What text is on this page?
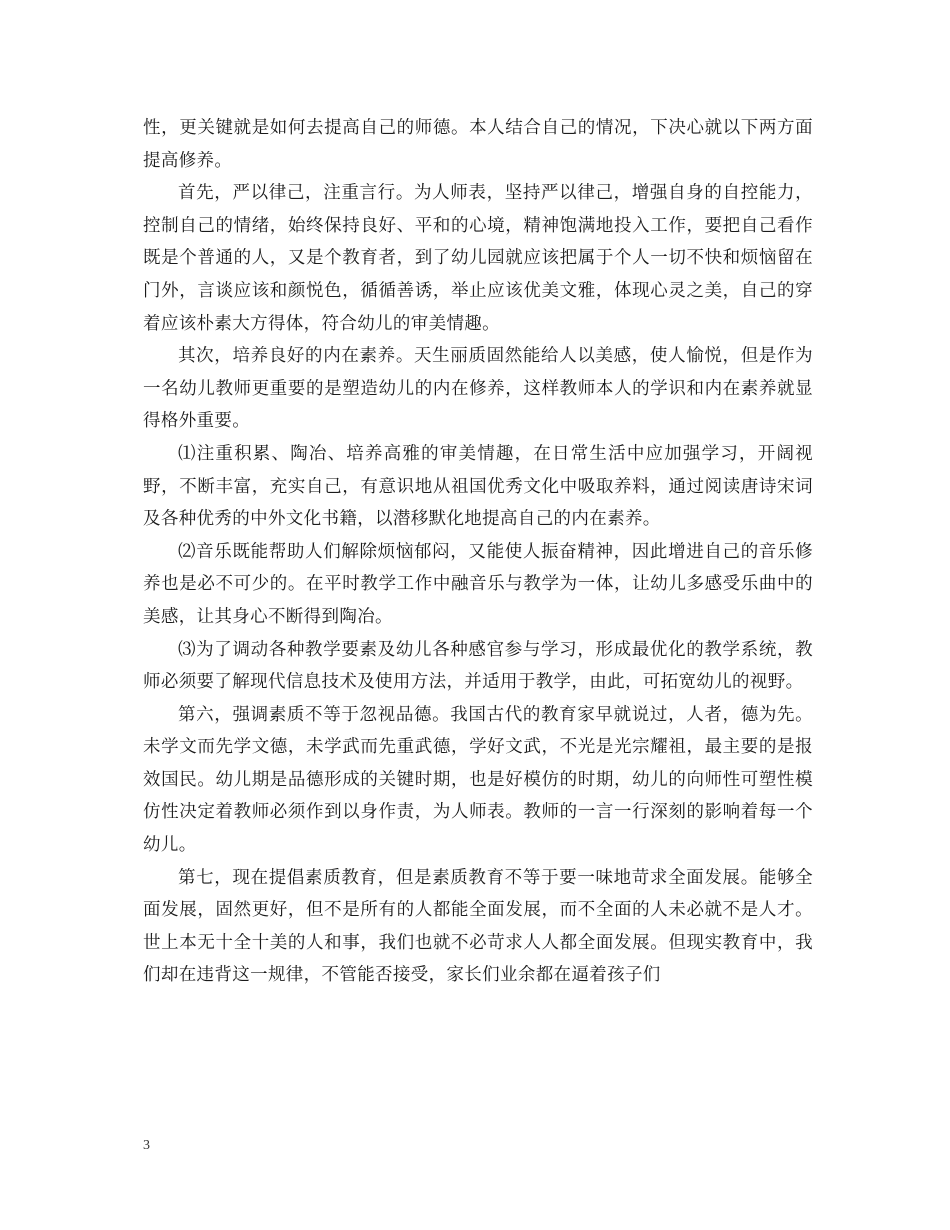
性，更关键就是如何去提高自己的师德。本人结合自己的情况，下决心就以下两方面提高修养。

首先，严以律己，注重言行。为人师表，坚持严以律己，增强自身的自控能力，控制自己的情绪，始终保持良好、平和的心境，精神饱满地投入工作，要把自己看作既是个普通的人，又是个教育者，到了幼儿园就应该把属于个人一切不快和烦恼留在门外，言谈应该和颜悦色，循循善诱，举止应该优美文雅，体现心灵之美，自己的穿着应该朴素大方得体，符合幼儿的审美情趣。

其次，培养良好的内在素养。天生丽质固然能给人以美感，使人愉悦，但是作为一名幼儿教师更重要的是塑造幼儿的内在修养，这样教师本人的学识和内在素养就显得格外重要。

⑴注重积累、陶冶、培养高雅的审美情趣，在日常生活中应加强学习，开阔视野，不断丰富，充实自己，有意识地从祖国优秀文化中吸取养料，通过阅读唐诗宋词及各种优秀的中外文化书籍，以潜移默化地提高自己的内在素养。

⑵音乐既能帮助人们解除烦恼郁闷，又能使人振奋精神，因此增进自己的音乐修养也是必不可少的。在平时教学工作中融音乐与教学为一体，让幼儿多感受乐曲中的美感，让其身心不断得到陶冶。

⑶为了调动各种教学要素及幼儿各种感官参与学习，形成最优化的教学系统，教师必须要了解现代信息技术及使用方法，并适用于教学，由此，可拓宽幼儿的视野。

第六，强调素质不等于忽视品德。我国古代的教育家早就说过，人者，德为先。未学文而先学文德，未学武而先重武德，学好文武，不光是光宗耀祖，最主要的是报效国民。幼儿期是品德形成的关键时期，也是好模仿的时期，幼儿的向师性可塑性模仿性决定着教师必须作到以身作责，为人师表。教师的一言一行深刻的影响着每一个幼儿。

第七，现在提倡素质教育，但是素质教育不等于要一味地苛求全面发展。能够全面发展，固然更好，但不是所有的人都能全面发展，而不全面的人未必就不是人才。世上本无十全十美的人和事，我们也就不必苛求人人都全面发展。但现实教育中，我们却在违背这一规律，不管能否接受，家长们业余都在逼着孩子们

3
